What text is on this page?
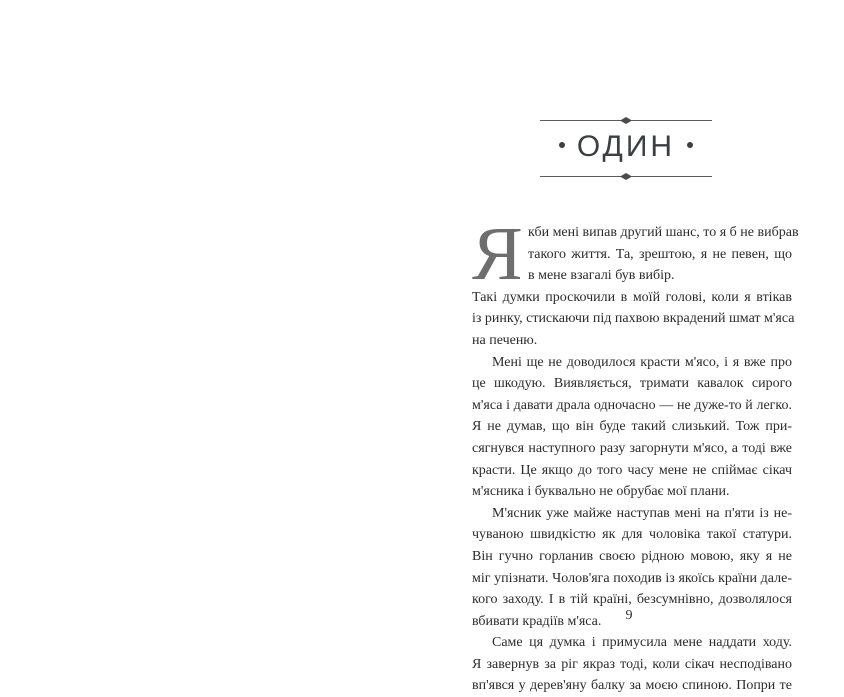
ОДИН
Я кби мені випав другий шанс, то я б не вибрав
такого життя. Та, зрештою, я не певен, що
в мене взагалі був вибір.
Такі думки проскочили в моїй голові, коли я втікав
із ринку, стискаючи під пахвою вкрадений шмат м'яса
на печеню.
Мені ще не доводилося красти м'ясо, і я вже про
це шкодую. Виявляється, тримати кавалок сирого
м'яса і давати драла одночасно — не дуже-то й легко.
Я не думав, що він буде такий слизький. Тож при-
сягнувся наступного разу загорнути м'ясо, а тоді вже
красти. Це якщо до того часу мене не спіймає сікач
м'ясника і буквально не обрубає мої плани.
М'ясник уже майже наступав мені на п'яти із не-
чуваною швидкістю як для чоловіка такої статури.
Він гучно горланив своєю рідною мовою, яку я не
міг упізнати. Чолов'яга походив із якоїсь країни дале-
кого заходу. І в тій країні, безсумнівно, дозволялося
вбивати крадіїв м'яса.
Саме ця думка і примусила мене наддати ходу.
Я завернув за ріг якраз тоді, коли сікач несподівано
вп'явся у дерев'яну балку за моєю спиною. Попри те
9
